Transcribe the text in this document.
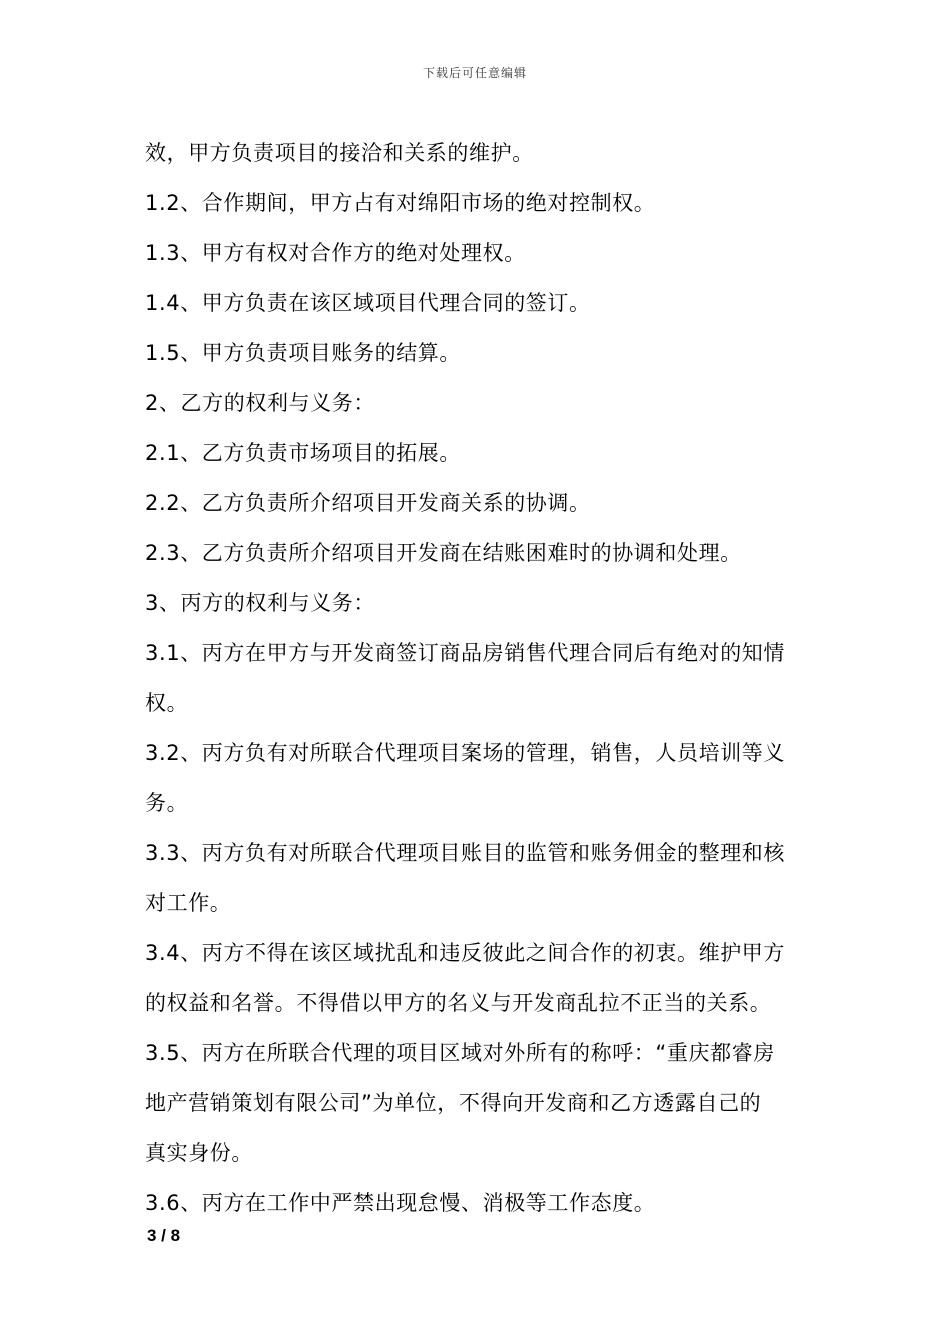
下载后可任意编辑
效，甲方负责项目的接洽和关系的维护。
1.2、合作期间，甲方占有对绵阳市场的绝对控制权。
1.3、甲方有权对合作方的绝对处理权。
1.4、甲方负责在该区域项目代理合同的签订。
1.5、甲方负责项目账务的结算。
2、乙方的权利与义务：
2.1、乙方负责市场项目的拓展。
2.2、乙方负责所介绍项目开发商关系的协调。
2.3、乙方负责所介绍项目开发商在结账困难时的协调和处理。
3、丙方的权利与义务：
3.1、丙方在甲方与开发商签订商品房销售代理合同后有绝对的知情
权。
3.2、丙方负有对所联合代理项目案场的管理，销售，人员培训等义
务。
3.3、丙方负有对所联合代理项目账目的监管和账务佣金的整理和核
对工作。
3.4、丙方不得在该区域扰乱和违反彼此之间合作的初衷。维护甲方
的权益和名誉。不得借以甲方的名义与开发商乱拉不正当的关系。
3.5、丙方在所联合代理的项目区域对外所有的称呼：“重庆都睿房
地产营销策划有限公司”为单位，不得向开发商和乙方透露自己的
真实身份。
3.6、丙方在工作中严禁出现怠慢、消极等工作态度。
3 / 8
